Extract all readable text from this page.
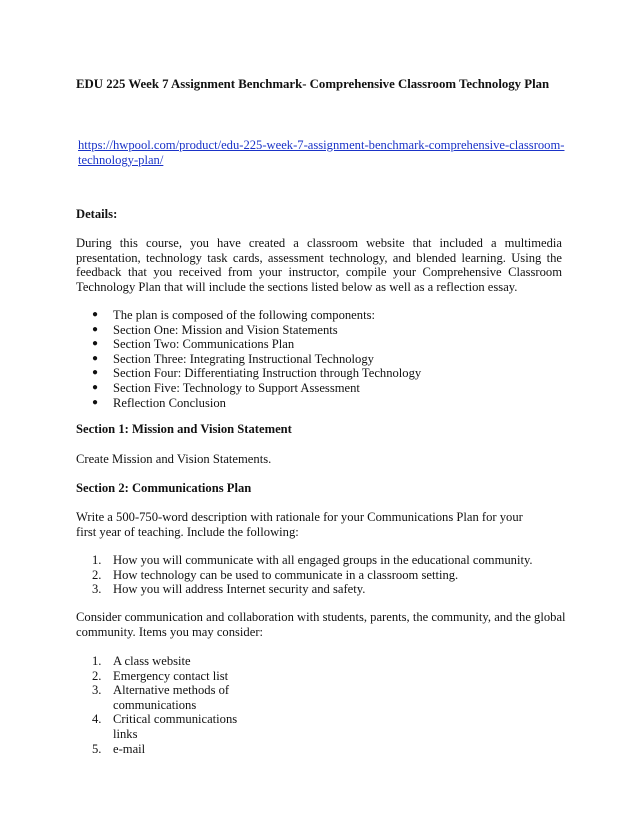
EDU 225 Week 7 Assignment Benchmark- Comprehensive Classroom Technology Plan
https://hwpool.com/product/edu-225-week-7-assignment-benchmark-comprehensive-classroom-technology-plan/
Details:
During this course, you have created a classroom website that included a multimedia presentation, technology task cards, assessment technology, and blended learning. Using the feedback that you received from your instructor, compile your Comprehensive Classroom Technology Plan that will include the sections listed below as well as a reflection essay.
●	The plan is composed of the following components:
●	Section One: Mission and Vision Statements
●	Section Two: Communications Plan
●	Section Three: Integrating Instructional Technology
●	Section Four: Differentiating Instruction through Technology
●	Section Five: Technology to Support Assessment
●	Reflection Conclusion
Section 1: Mission and Vision Statement
Create Mission and Vision Statements.
Section 2: Communications Plan
Write a 500-750-word description with rationale for your Communications Plan for your first year of teaching. Include the following:
1. How you will communicate with all engaged groups in the educational community.
2. How technology can be used to communicate in a classroom setting.
3. How you will address Internet security and safety.
Consider communication and collaboration with students, parents, the community, and the global community. Items you may consider:
1. A class website
2. Emergency contact list
3. Alternative methods of communications
4. Critical communications links
5. e-mail
